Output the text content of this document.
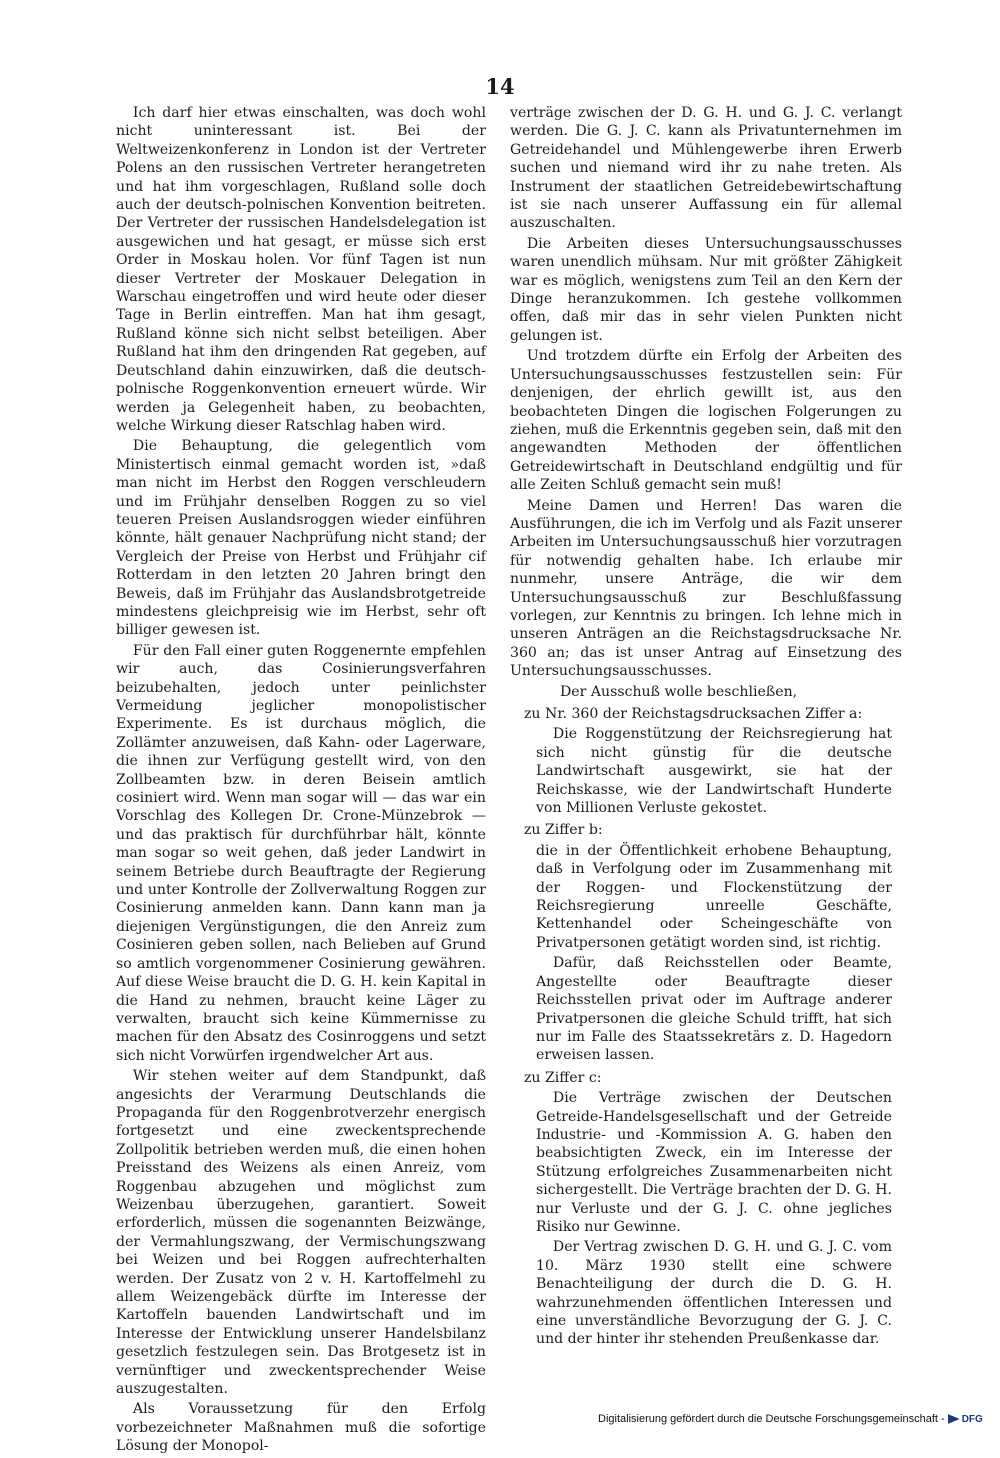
14

Ich darf hier etwas einschalten, was doch wohl nicht uninteressant ist. Bei der Weltweizenkonferenz in London ist der Vertreter Polens an den russischen Vertreter herangetreten und hat ihm vorgeschlagen, Rußland solle doch auch der deutsch-polnischen Konvention beitreten. Der Vertreter der russischen Handelsdelegation ist ausgewichen und hat gesagt, er müsse sich erst Order in Moskau holen. Vor fünf Tagen ist nun dieser Vertreter der Moskauer Delegation in Warschau eingetroffen und wird heute oder dieser Tage in Berlin eintreffen. Man hat ihm gesagt, Rußland könne sich nicht selbst beteiligen. Aber Rußland hat ihm den dringenden Rat gegeben, auf Deutschland dahin einzuwirken, daß die deutsch-polnische Roggenkonvention erneuert würde. Wir werden ja Gelegenheit haben, zu beobachten, welche Wirkung dieser Ratschlag haben wird.

Die Behauptung, die gelegentlich vom Ministertisch einmal gemacht worden ist, »daß man nicht im Herbst den Roggen verschleudern und im Frühjahr denselben Roggen zu so viel teueren Preisen Auslandsroggen wieder einführen könnte, hält genauer Nachprüfung nicht stand; der Vergleich der Preise von Herbst und Frühjahr cif Rotterdam in den letzten 20 Jahren bringt den Beweis, daß im Frühjahr das Auslandsbrotgetreide mindestens gleichpreisig wie im Herbst, sehr oft billiger gewesen ist.

Für den Fall einer guten Roggenernte empfehlen wir auch, das Cosinierungsverfahren beizubehalten, jedoch unter peinlichster Vermeidung jeglicher monopolistischer Experimente. Es ist durchaus möglich, die Zollämter anzuweisen, daß Kahn- oder Lagerware, die ihnen zur Verfügung gestellt wird, von den Zollbeamten bzw. in deren Beisein amtlich cosiniert wird. Wenn man sogar will — das war ein Vorschlag des Kollegen Dr. Crone-Münzebrok — und das praktisch für durchführbar hält, könnte man sogar so weit gehen, daß jeder Landwirt in seinem Betriebe durch Beauftragte der Regierung und unter Kontrolle der Zollverwaltung Roggen zur Cosinierung anmelden kann. Dann kann man ja diejenigen Vergünstigungen, die den Anreiz zum Cosinieren geben sollen, nach Belieben auf Grund so amtlich vorgenommener Cosinierung gewähren. Auf diese Weise braucht die D. G. H. kein Kapital in die Hand zu nehmen, braucht keine Läger zu verwalten, braucht sich keine Kümmernisse zu machen für den Absatz des Cosinroggens und setzt sich nicht Vorwürfen irgendwelcher Art aus.

Wir stehen weiter auf dem Standpunkt, daß angesichts der Verarmung Deutschlands die Propaganda für den Roggenbrotverzehr energisch fortgesetzt und eine zweckentsprechende Zollpolitik betrieben werden muß, die einen hohen Preisstand des Weizens als einen Anreiz, vom Roggenbau abzugehen und möglichst zum Weizenbau überzugehen, garantiert. Soweit erforderlich, müssen die sogenannten Beizwänge, der Vermahlungszwang, der Vermischungszwang bei Weizen und bei Roggen aufrechterhalten werden. Der Zusatz von 2 v. H. Kartoffelmehl zu allem Weizengebäck dürfte im Interesse der Kartoffeln bauenden Landwirtschaft und im Interesse der Entwicklung unserer Handelsbilanz gesetzlich festzulegen sein. Das Brotgesetz ist in vernünftiger und zweckentsprechender Weise auszugestalten.

Als Voraussetzung für den Erfolg vorbezeichneter Maßnahmen muß die sofortige Lösung der Monopol-

verträge zwischen der D. G. H. und G. J. C. verlangt werden. Die G. J. C. kann als Privatunternehmen im Getreidehandel und Mühlengewerbe ihren Erwerb suchen und niemand wird ihr zu nahe treten. Als Instrument der staatlichen Getreidebewirtschaftung ist sie nach unserer Auffassung ein für allemal auszuschalten.

Die Arbeiten dieses Untersuchungsausschusses waren unendlich mühsam. Nur mit größter Zähigkeit war es möglich, wenigstens zum Teil an den Kern der Dinge heranzukommen. Ich gestehe vollkommen offen, daß mir das in sehr vielen Punkten nicht gelungen ist.

Und trotzdem dürfte ein Erfolg der Arbeiten des Untersuchungsausschusses festzustellen sein: Für denjenigen, der ehrlich gewillt ist, aus den beobachteten Dingen die logischen Folgerungen zu ziehen, muß die Erkenntnis gegeben sein, daß mit den angewandten Methoden der öffentlichen Getreidewirtschaft in Deutschland endgültig und für alle Zeiten Schluß gemacht sein muß!

Meine Damen und Herren! Das waren die Ausführungen, die ich im Verfolg und als Fazit unserer Arbeiten im Untersuchungsausschuß hier vorzutragen für notwendig gehalten habe. Ich erlaube mir nunmehr, unsere Anträge, die wir dem Untersuchungsausschuß zur Beschlußfassung vorlegen, zur Kenntnis zu bringen. Ich lehne mich in unseren Anträgen an die Reichstagsdrucksache Nr. 360 an; das ist unser Antrag auf Einsetzung des Untersuchungsausschusses.

Der Ausschuß wolle beschließen,

zu Nr. 360 der Reichstagsdrucksachen Ziffer a:

Die Roggenstützung der Reichsregierung hat sich nicht günstig für die deutsche Landwirtschaft ausgewirkt, sie hat der Reichskasse, wie der Landwirtschaft Hunderte von Millionen Verluste gekostet.

zu Ziffer b:

die in der Öffentlichkeit erhobene Behauptung, daß in Verfolgung oder im Zusammenhang mit der Roggen- und Flockenstützung der Reichsregierung unreelle Geschäfte, Kettenhandel oder Scheingeschäfte von Privatpersonen getätigt worden sind, ist richtig.

Dafür, daß Reichsstellen oder Beamte, Angestellte oder Beauftragte dieser Reichsstellen privat oder im Auftrage anderer Privatpersonen die gleiche Schuld trifft, hat sich nur im Falle des Staatssekretärs z. D. Hagedorn erweisen lassen.

zu Ziffer c:

Die Verträge zwischen der Deutschen Getreide-Handelsgesellschaft und der Getreide Industrie- und -Kommission A. G. haben den beabsichtigten Zweck, ein im Interesse der Stützung erfolgreiches Zusammenarbeiten nicht sichergestellt. Die Verträge brachten der D. G. H. nur Verluste und der G. J. C. ohne jegliches Risiko nur Gewinne.

Der Vertrag zwischen D. G. H. und G. J. C. vom 10. März 1930 stellt eine schwere Benachteiligung der durch die D. G. H. wahrzunehmenden öffentlichen Interessen und eine unverständliche Bevorzugung der G. J. C. und der hinter ihr stehenden Preußenkasse dar.

Digitalisierung gefördert durch die Deutsche Forschungsgemeinschaft - DFG
